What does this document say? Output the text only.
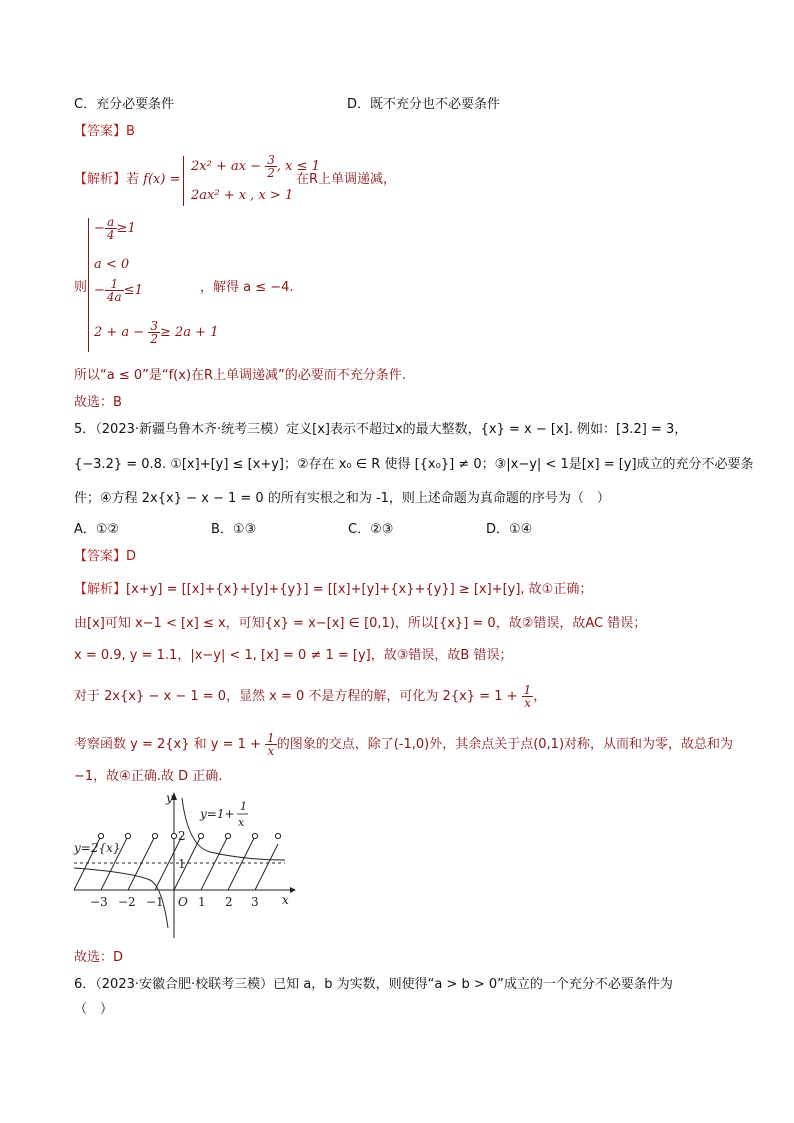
C．充分必要条件	D．既不充分也不必要条件
【答案】B
【解析】若 f(x) =
2x² + ax − $\frac{3}{2}$ , x ≤ 1
2ax² + x , x > 1
在R上单调递减，
则
− $\frac{a}{4} \ge 1$
a < 0
− $\frac{1}{4a} \le 1$
$2 + a - \frac{3}{2} \ge 2a + 1$
，解得 a ≤ −4.
所以“a ≤ 0”是“f(x)在R上单调递减”的必要而不充分条件.
故选：B
5．（2023·新疆乌鲁木齐·统考三模）定义[x]表示不超过x的最大整数，{x} = x − [x]. 例如：[3.2] = 3，
{−3.2} = 0.8. ①[x]+[y] ≤ [x+y]；②存在 x₀ ∈ R 使得 [{x₀}] ≠ 0；③|x−y| < 1是[x] = [y]成立的充分不必要条
件；④方程 2x{x} − x − 1 = 0 的所有实根之和为 -1，则上述命题为真命题的序号为（　）
A．①②	B．①③	C．②③	D．①④
【答案】D
【解析】[x+y] = [[x]+{x}+[y]+{y}] = [[x]+[y]+{x}+{y}] ≥ [x]+[y], 故①正确；
由[x]可知 x−1 < [x] ≤ x，可知{x} = x−[x] ∈ [0,1)，所以[{x}] = 0，故②错误，故AC 错误；
x = 0.9, y = 1.1，|x−y| < 1, [x] = 0 ≠ 1 = [y]，故③错误，故B 错误；
对于 2x{x} − x − 1 = 0，显然 x = 0 不是方程的解，可化为 $2\{x\} = 1 + \frac{1}{x}$ ，
考察函数 y = 2{x} 和 $y = 1 + \frac{1}{x}$ 的图象的交点，除了(-1,0)外，其余点关于点(0,1)对称，从而和为零，故总和为
−1，故④正确.故 D 正确.
y=2{x}
y=1+
1
x
y
x
O
2
1
−3 −2 −1	1 2 3
故选：D
6．（2023·安徽合肥·校联考三模）已知 a，b 为实数，则使得“a > b > 0”成立的一个充分不必要条件为
（　）
